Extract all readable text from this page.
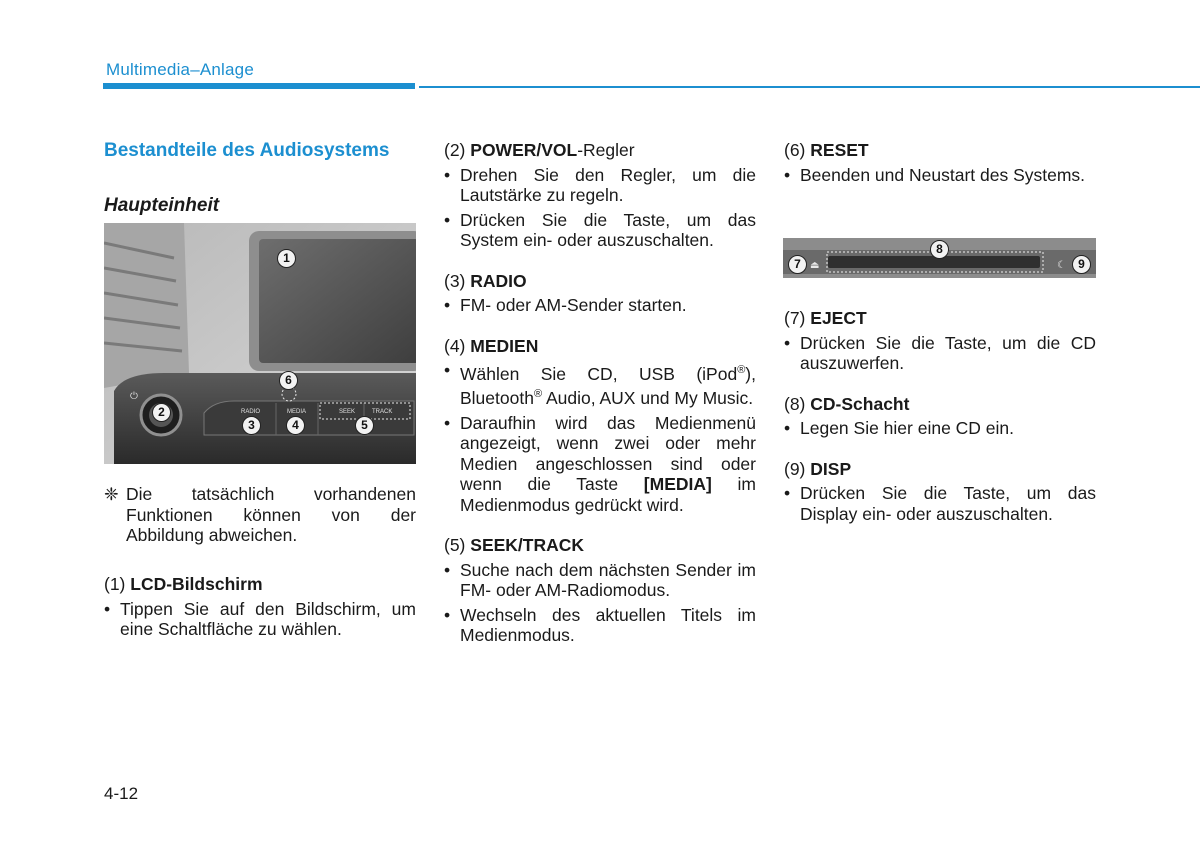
Multimedia–Anlage
Bestandteile des Audiosystems
Haupteinheit
⏻
RADIO	MEDIA	SEEK	TRACK
1
2
3	4	5
6
❈ Die tatsächlich vorhandenen Funktionen können von der Abbildung abweichen.

(1) LCD-Bildschirm

• Tippen Sie auf den Bildschirm, um eine Schaltfläche zu wählen.

(2) POWER/VOL-Regler

• Drehen Sie den Regler, um die Lautstärke zu regeln.
• Drücken Sie die Taste, um das System ein- oder auszuschalten.

(3) RADIO

• FM- oder AM-Sender starten.

(4) MEDIEN

• Wählen Sie CD, USB (iPod®), Bluetooth® Audio, AUX und My Music.
• Daraufhin wird das Medienmenü angezeigt, wenn zwei oder mehr Medien angeschlossen sind oder wenn die Taste [MEDIA] im Medienmodus gedrückt wird.

(5) SEEK/TRACK

• Suche nach dem nächsten Sender im FM- oder AM-Radiomodus.
• Wechseln des aktuellen Titels im Medienmodus.

(6) RESET

• Beenden und Neustart des Systems.
⏏	☾
7
8
9

(7) EJECT

• Drücken Sie die Taste, um die CD auszuwerfen.

(8) CD-Schacht

• Legen Sie hier eine CD ein.

(9) DISP

• Drücken Sie die Taste, um das Display ein- oder auszuschalten.
4-12
